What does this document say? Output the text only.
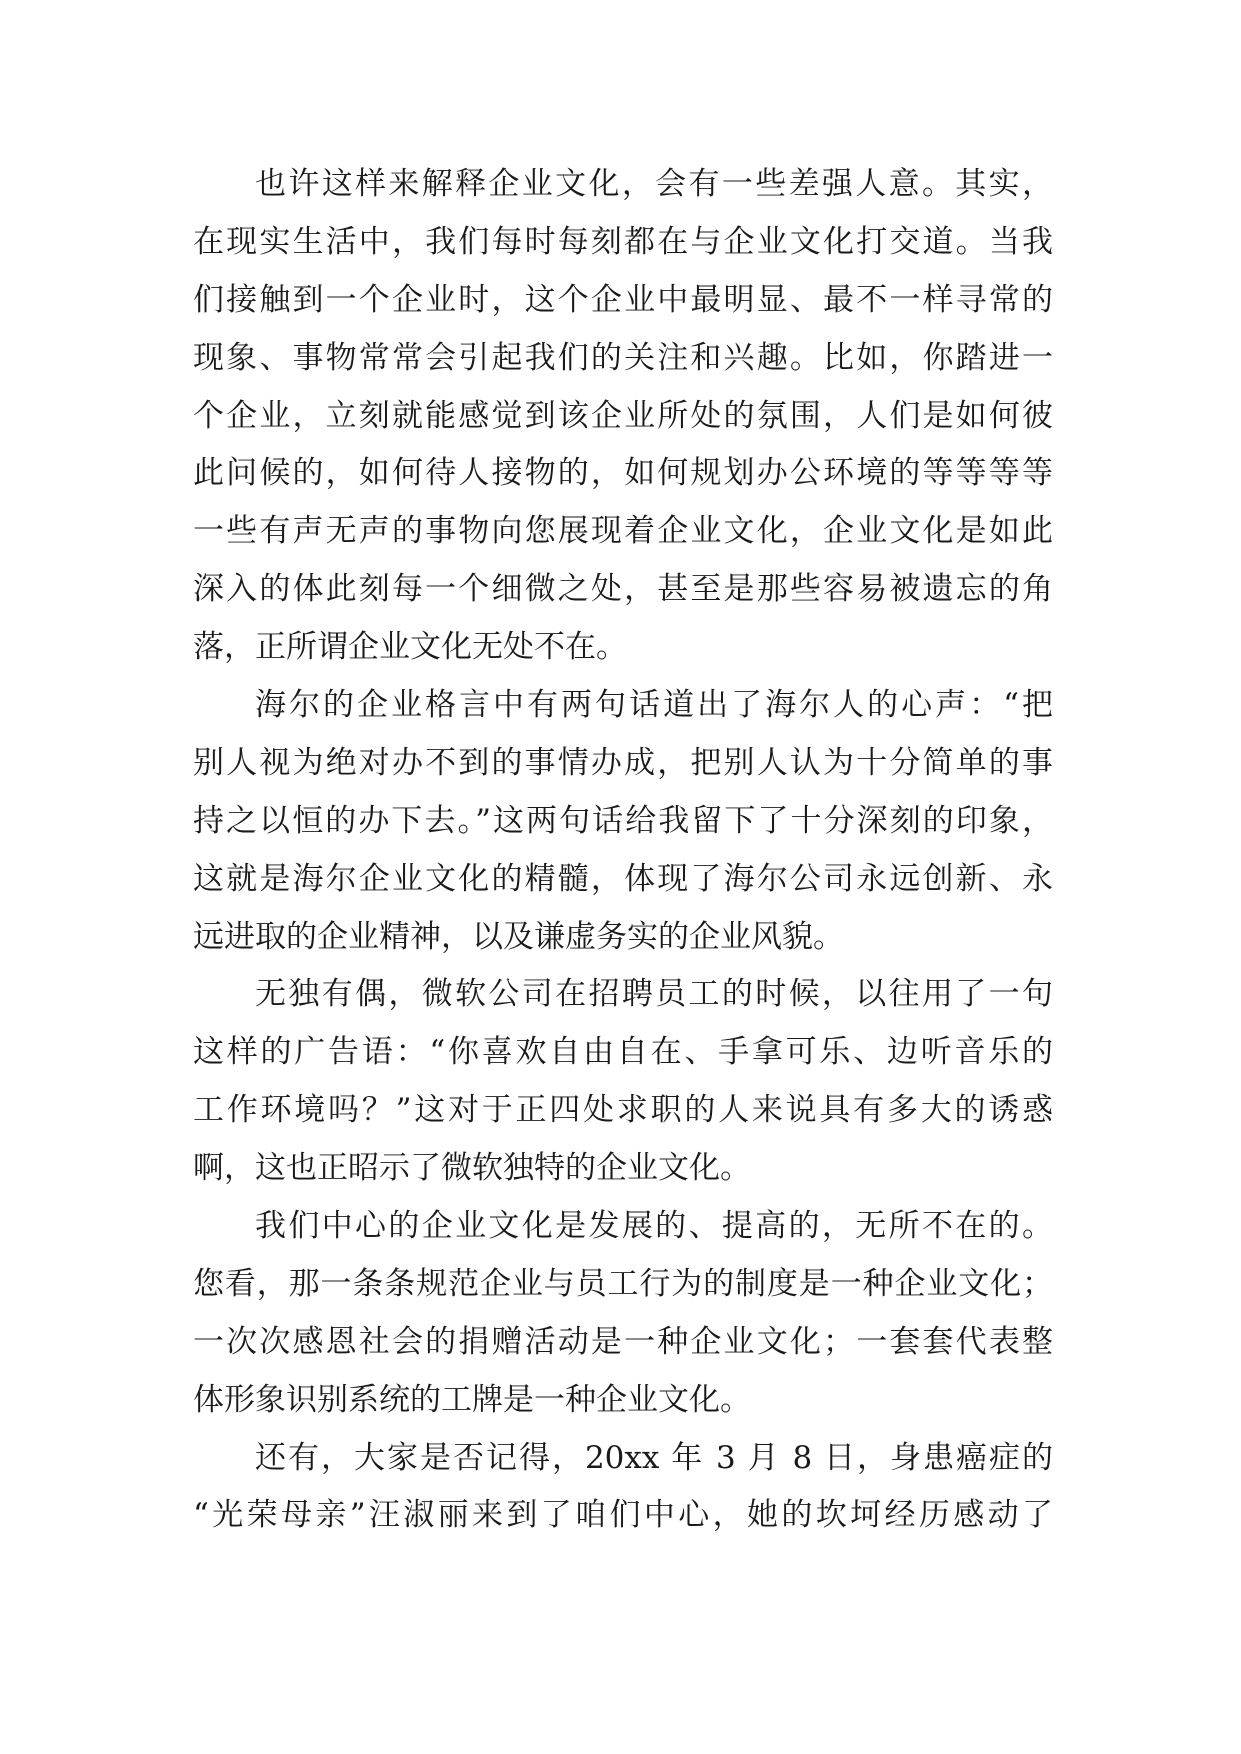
也许这样来解释企业文化，会有一些差强人意。其实，
在现实生活中，我们每时每刻都在与企业文化打交道。当我
们接触到一个企业时，这个企业中最明显、最不一样寻常的
现象、事物常常会引起我们的关注和兴趣。比如，你踏进一
个企业，立刻就能感觉到该企业所处的氛围，人们是如何彼
此问候的，如何待人接物的，如何规划办公环境的等等等等
一些有声无声的事物向您展现着企业文化，企业文化是如此
深入的体此刻每一个细微之处，甚至是那些容易被遗忘的角
落，正所谓企业文化无处不在。
海尔的企业格言中有两句话道出了海尔人的心声：“把
别人视为绝对办不到的事情办成，把别人认为十分简单的事
持之以恒的办下去。”这两句话给我留下了十分深刻的印象，
这就是海尔企业文化的精髓，体现了海尔公司永远创新、永
远进取的企业精神，以及谦虚务实的企业风貌。
无独有偶，微软公司在招聘员工的时候，以往用了一句
这样的广告语：“你喜欢自由自在、手拿可乐、边听音乐的
工作环境吗？”这对于正四处求职的人来说具有多大的诱惑
啊，这也正昭示了微软独特的企业文化。
我们中心的企业文化是发展的、提高的，无所不在的。
您看，那一条条规范企业与员工行为的制度是一种企业文化；
一次次感恩社会的捐赠活动是一种企业文化；一套套代表整
体形象识别系统的工牌是一种企业文化。
还有，大家是否记得，20xx 年 3 月 8 日，身患癌症的
“光荣母亲”汪淑丽来到了咱们中心，她的坎坷经历感动了
